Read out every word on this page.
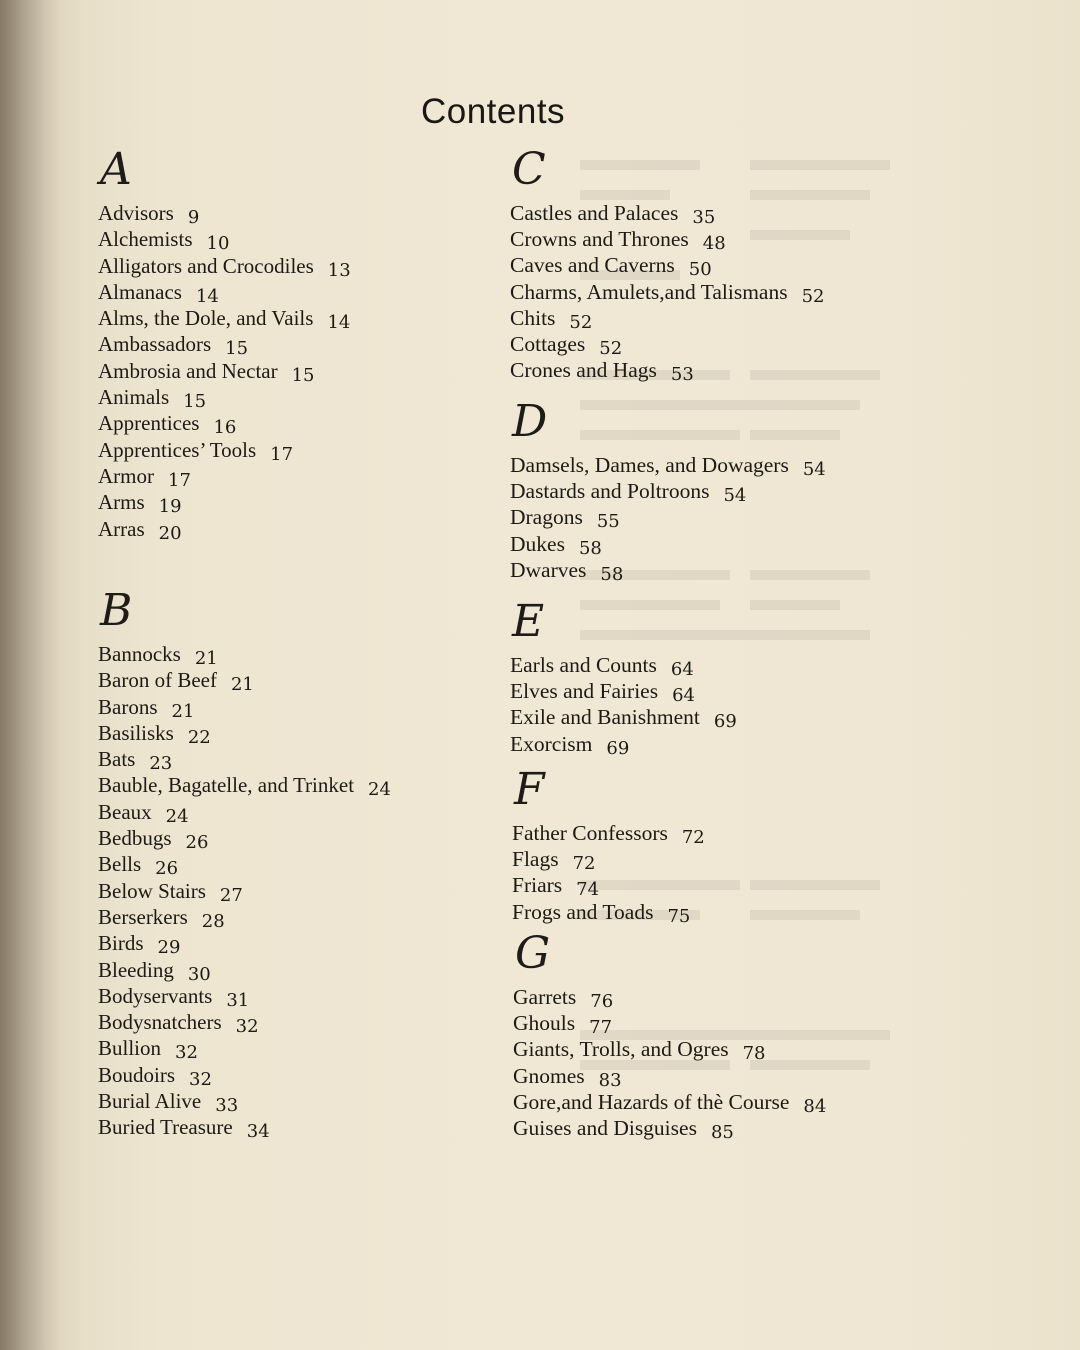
Contents
A
Advisors 9
Alchemists 10
Alligators and Crocodiles 13
Almanacs 14
Alms, the Dole, and Vails 14
Ambassadors 15
Ambrosia and Nectar 15
Animals 15
Apprentices 16
Apprentices’ Tools 17
Armor 17
Arms 19
Arras 20
B
Bannocks 21
Baron of Beef 21
Barons 21
Basilisks 22
Bats 23
Bauble, Bagatelle, and Trinket 24
Beaux 24
Bedbugs 26
Bells 26
Below Stairs 27
Berserkers 28
Birds 29
Bleeding 30
Bodyservants 31
Bodysnatchers 32
Bullion 32
Boudoirs 32
Burial Alive 33
Buried Treasure 34
C
Castles and Palaces 35
Crowns and Thrones 48
Caves and Caverns 50
Charms, Amulets,and Talismans 52
Chits 52
Cottages 52
Crones and Hags 53
D
Damsels, Dames, and Dowagers 54
Dastards and Poltroons 54
Dragons 55
Dukes 58
Dwarves 58
E
Earls and Counts 64
Elves and Fairies 64
Exile and Banishment 69
Exorcism 69
F
Father Confessors 72
Flags 72
Friars 74
Frogs and Toads 75
G
Garrets 76
Ghouls 77
Giants, Trolls, and Ogres 78
Gnomes 83
Gore,and Hazards of thè Course 84
Guises and Disguises 85
